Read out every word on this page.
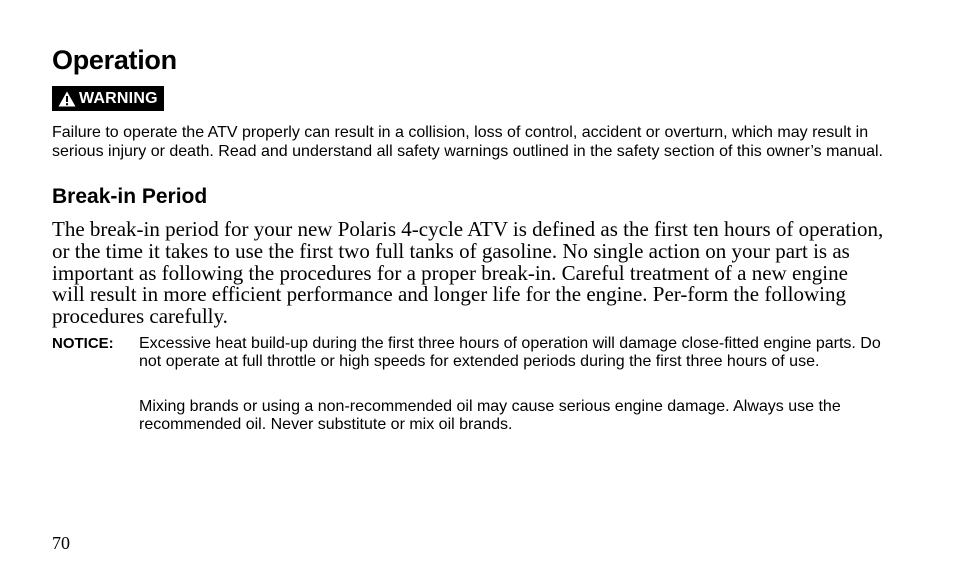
Operation
WARNING

Failure to operate the ATV properly can result in a collision, loss of control, accident or overturn, which may result in serious injury or death. Read and understand all safety warnings outlined in the safety section of this owner’s manual.

Break-in Period

The break-in period for your new Polaris 4-cycle ATV is defined as the first ten hours of operation, or the time it takes to use the first two full tanks of gasoline. No single action on your part is as important as following the procedures for a proper break-in. Careful treatment of a new engine will result in more efficient performance and longer life for the engine. Per-form the following procedures carefully.

NOTICE: Excessive heat build-up during the first three hours of operation will damage close-fitted engine parts. Do not operate at full throttle or high speeds for extended periods during the first three hours of use.

Mixing brands or using a non-recommended oil may cause serious engine damage. Always use the recommended oil. Never substitute or mix oil brands.

70
